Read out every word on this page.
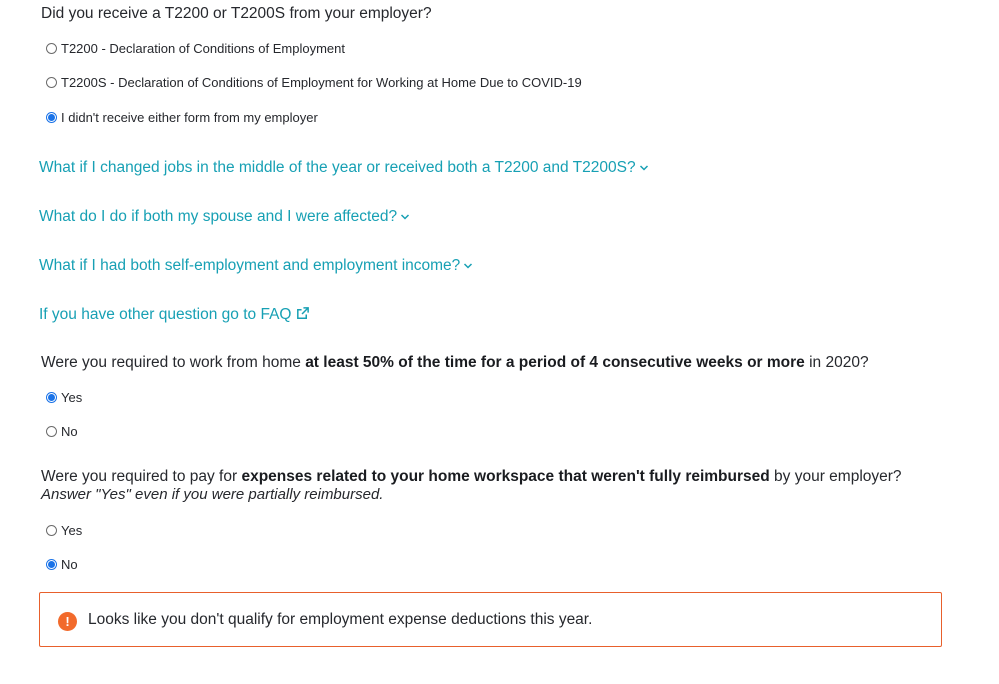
Did you receive a T2200 or T2200S from your employer?
T2200 - Declaration of Conditions of Employment
T2200S - Declaration of Conditions of Employment for Working at Home Due to COVID-19
I didn't receive either form from my employer
What if I changed jobs in the middle of the year or received both a T2200 and T2200S?
What do I do if both my spouse and I were affected?
What if I had both self-employment and employment income?
If you have other question go to FAQ
Were you required to work from home at least 50% of the time for a period of 4 consecutive weeks or more in 2020?
Yes
No
Were you required to pay for expenses related to your home workspace that weren't fully reimbursed by your employer?
Answer "Yes" even if you were partially reimbursed.
Yes
No
!	Looks like you don't qualify for employment expense deductions this year.
